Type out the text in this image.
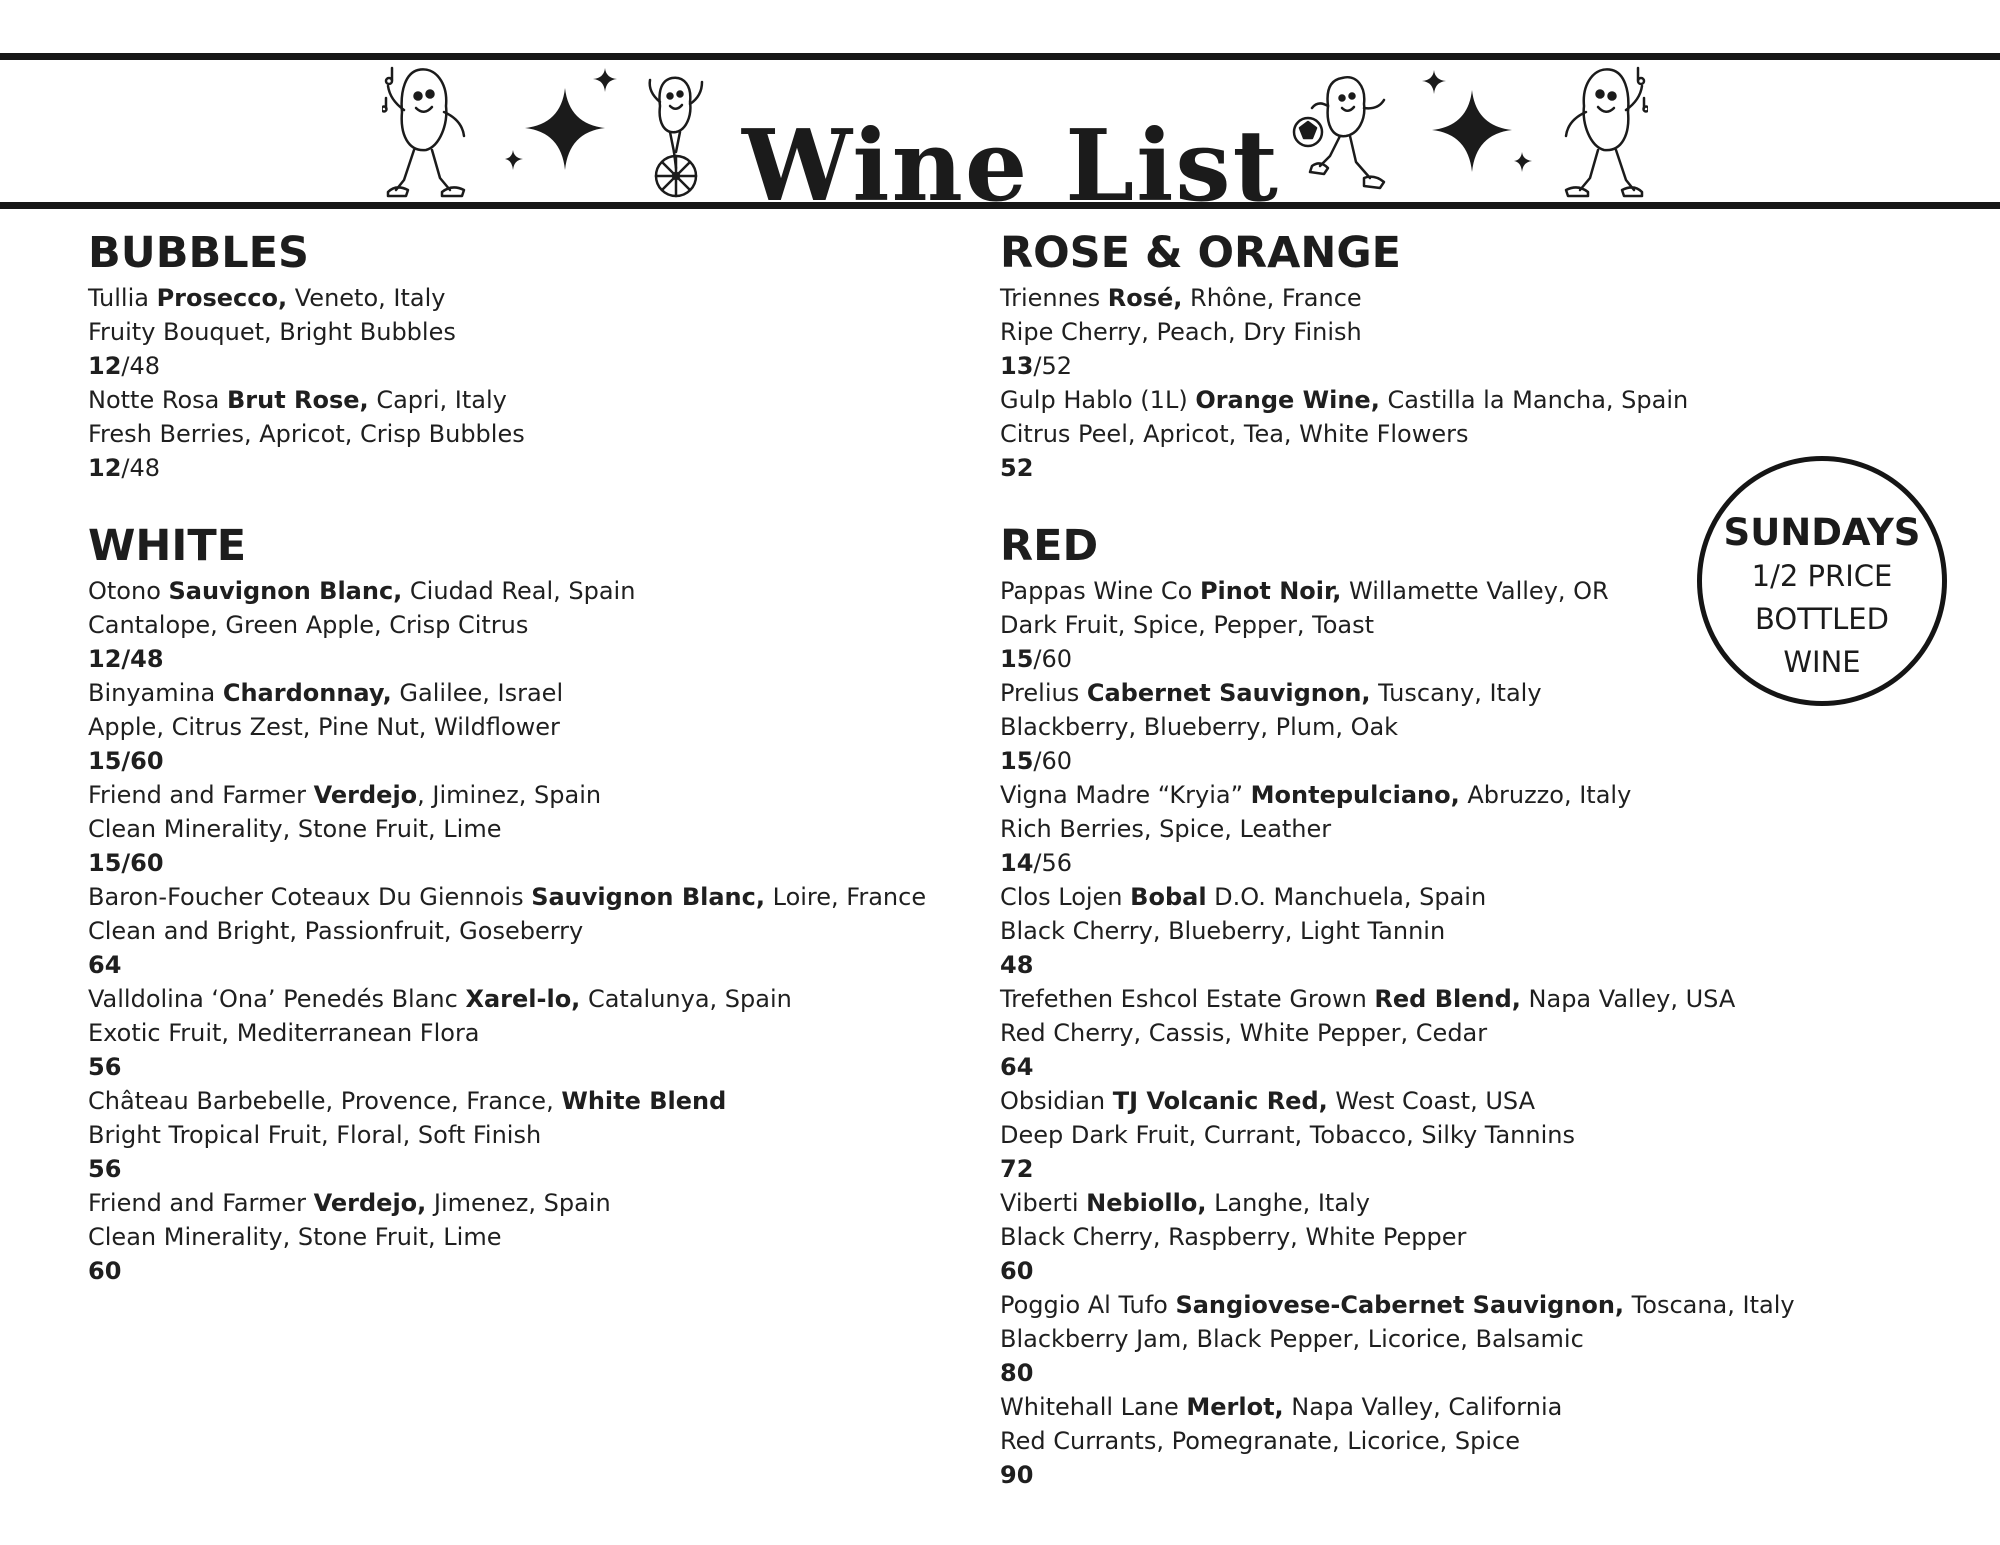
Wine List
BUBBLES
Tullia Prosecco, Veneto, Italy
Fruity Bouquet, Bright Bubbles
12/48
Notte Rosa Brut Rose, Capri, Italy
Fresh Berries, Apricot, Crisp Bubbles
12/48
WHITE
Otono Sauvignon Blanc, Ciudad Real, Spain
Cantalope, Green Apple, Crisp Citrus
12/48
Binyamina Chardonnay, Galilee, Israel
Apple, Citrus Zest, Pine Nut, Wildflower
15/60
Friend and Farmer Verdejo, Jiminez, Spain
Clean Minerality, Stone Fruit, Lime
15/60
Baron-Foucher Coteaux Du Giennois Sauvignon Blanc, Loire, France
Clean and Bright, Passionfruit, Goseberry
64
Valldolina ‘Ona’ Penedés Blanc Xarel-lo, Catalunya, Spain
Exotic Fruit, Mediterranean Flora
56
Château Barbebelle, Provence, France, White Blend
Bright Tropical Fruit, Floral, Soft Finish
56
Friend and Farmer Verdejo, Jimenez, Spain
Clean Minerality, Stone Fruit, Lime
60
ROSE & ORANGE
Triennes Rosé, Rhône, France
Ripe Cherry, Peach, Dry Finish
13/52
Gulp Hablo (1L) Orange Wine, Castilla la Mancha, Spain
Citrus Peel, Apricot, Tea, White Flowers
52
RED
Pappas Wine Co Pinot Noir, Willamette Valley, OR
Dark Fruit, Spice, Pepper, Toast
15/60
Prelius Cabernet Sauvignon, Tuscany, Italy
Blackberry, Blueberry, Plum, Oak
15/60
Vigna Madre “Kryia” Montepulciano, Abruzzo, Italy
Rich Berries, Spice, Leather
14/56
Clos Lojen Bobal D.O. Manchuela, Spain
Black Cherry, Blueberry, Light Tannin
48
Trefethen Eshcol Estate Grown Red Blend, Napa Valley, USA
Red Cherry, Cassis, White Pepper, Cedar
64
Obsidian TJ Volcanic Red, West Coast, USA
Deep Dark Fruit, Currant, Tobacco, Silky Tannins
72
Viberti Nebiollo, Langhe, Italy
Black Cherry, Raspberry, White Pepper
60
Poggio Al Tufo Sangiovese-Cabernet Sauvignon, Toscana, Italy
Blackberry Jam, Black Pepper, Licorice, Balsamic
80
Whitehall Lane Merlot, Napa Valley, California
Red Currants, Pomegranate, Licorice, Spice
90
SUNDAYS
1/2 PRICE
BOTTLED
WINE
